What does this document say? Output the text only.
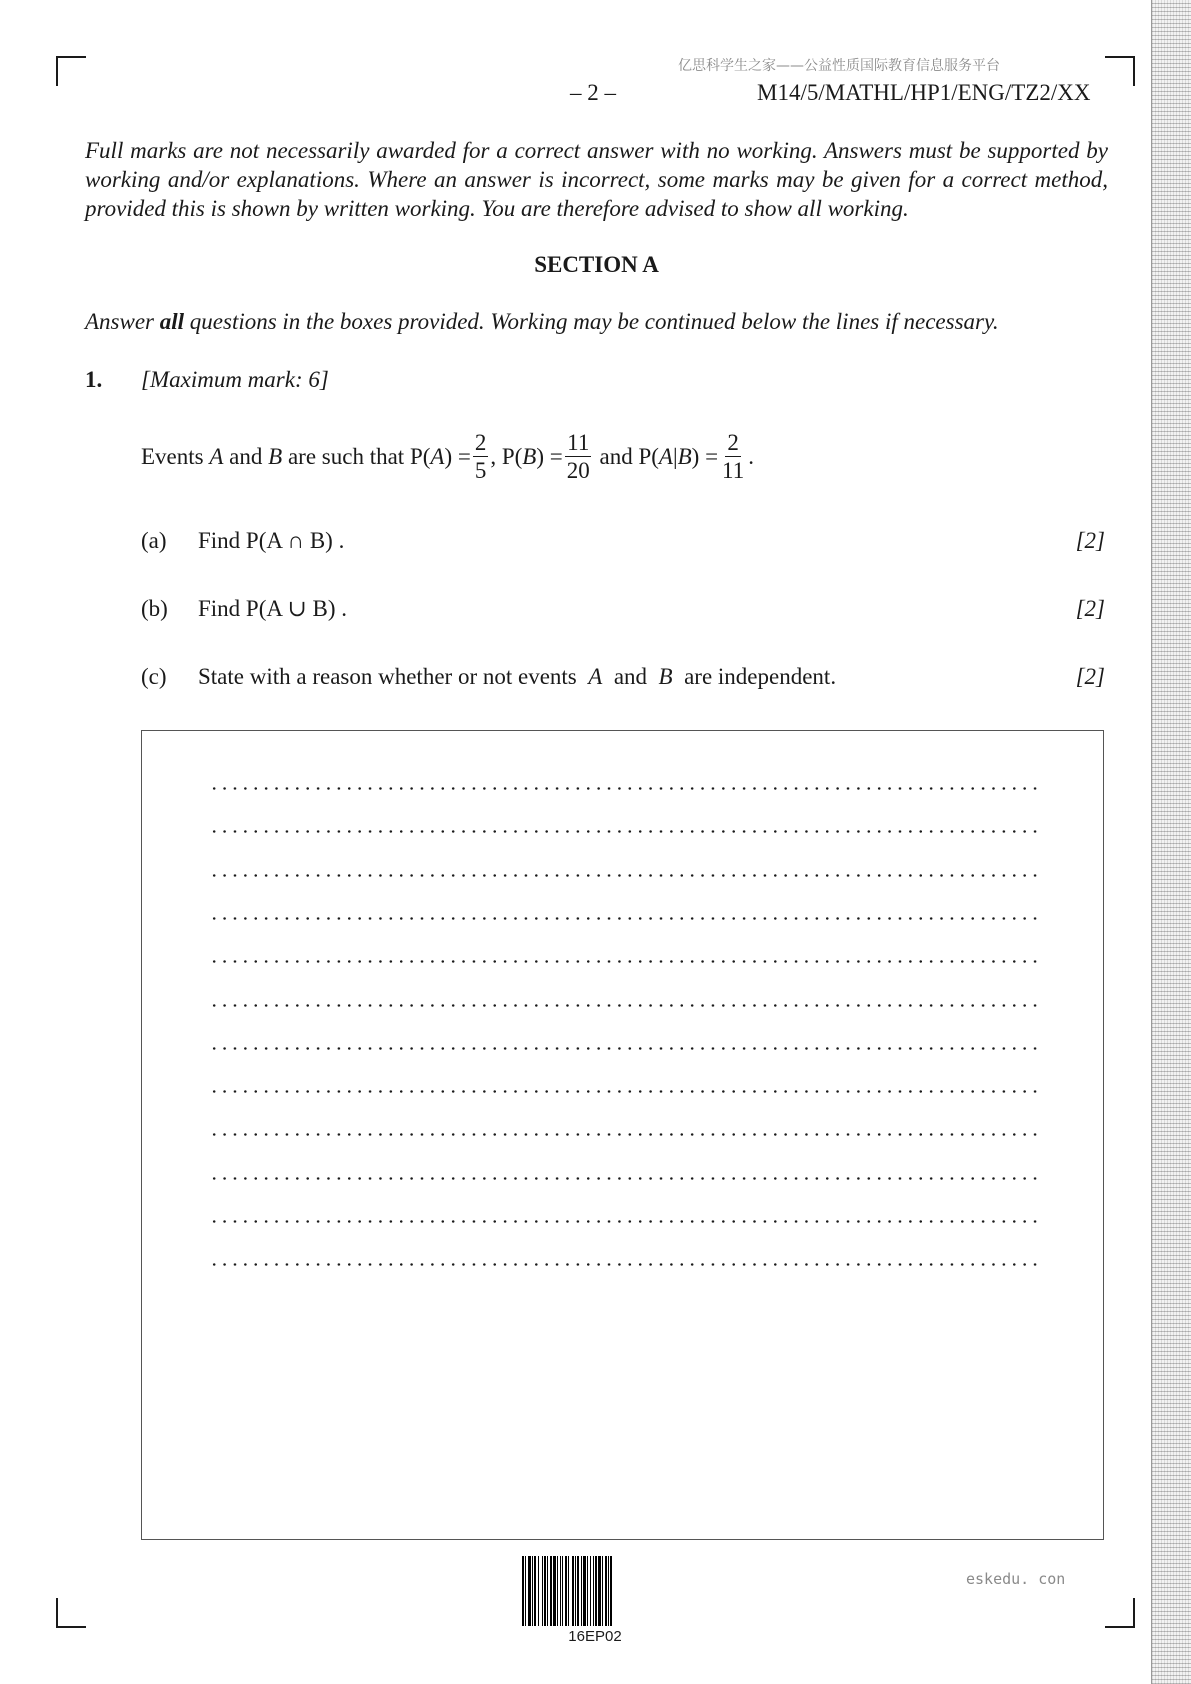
亿思科学生之家——公益性质国际教育信息服务平台
– 2 –	M14/5/MATHL/HP1/ENG/TZ2/XX
Full marks are not necessarily awarded for a correct answer with no working. Answers must be supported by working and/or explanations. Where an answer is incorrect, some marks may be given for a correct method, provided this is shown by written working. You are therefore advised to show all working.
SECTION A
Answer all questions in the boxes provided. Working may be continued below the lines if necessary.
1. [Maximum mark: 6]
Events
A
and
B
are such that
P( A ) = $\frac{2}{5}$ ,
P( B ) = $\frac{11}{20}$
and
P( A | B ) = $\frac{2}{11}$ .
(a) Find P(A ∩ B) .	[2]
(b) Find P(A ∪ B) .	[2]
(c) State with a reason whether or not events A and B are independent.	[2]
16EP02
eskedu. con
